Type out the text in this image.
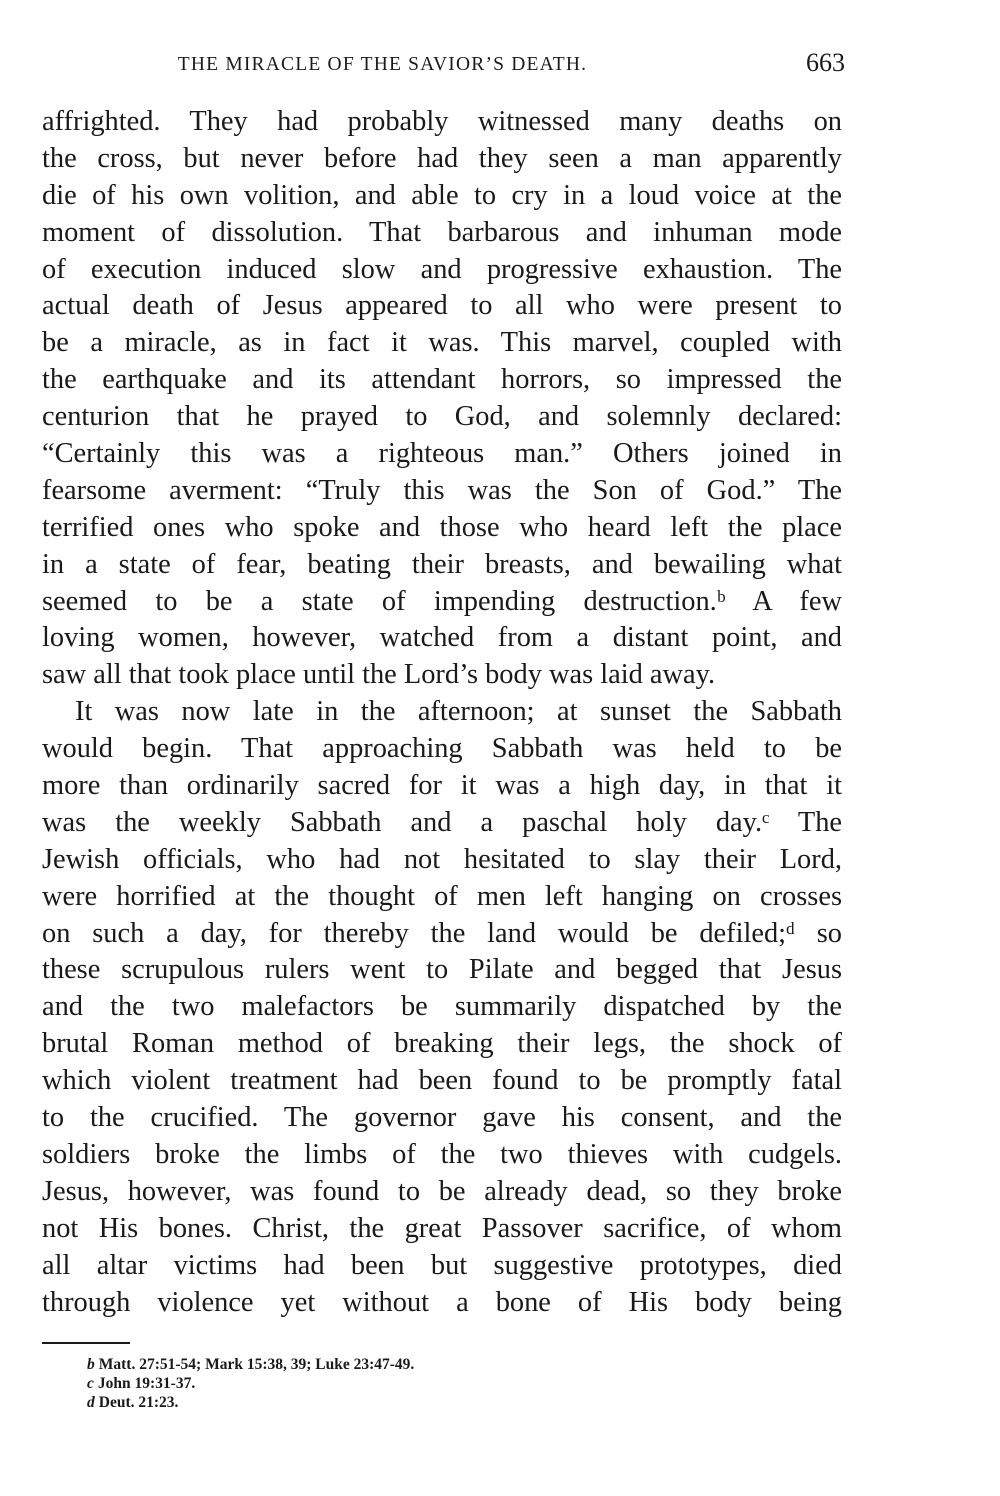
THE MIRACLE OF THE SAVIOR’S DEATH.	663
affrighted. They had probably witnessed many deaths on
the cross, but never before had they seen a man apparently
die of his own volition, and able to cry in a loud voice at the
moment of dissolution. That barbarous and inhuman mode
of execution induced slow and progressive exhaustion. The
actual death of Jesus appeared to all who were present to
be a miracle, as in fact it was. This marvel, coupled with
the earthquake and its attendant horrors, so impressed the
centurion that he prayed to God, and solemnly declared:
“Certainly this was a righteous man.” Others joined in
fearsome averment: “Truly this was the Son of God.” The
terrified ones who spoke and those who heard left the place
in a state of fear, beating their breasts, and bewailing what
seemed to be a state of impending destruction.ᵇ A few
loving women, however, watched from a distant point, and
saw all that took place until the Lord’s body was laid away.
It was now late in the afternoon; at sunset the Sabbath
would begin. That approaching Sabbath was held to be
more than ordinarily sacred for it was a high day, in that it
was the weekly Sabbath and a paschal holy day.ᶜ The
Jewish officials, who had not hesitated to slay their Lord,
were horrified at the thought of men left hanging on crosses
on such a day, for thereby the land would be defiled;ᵈ so
these scrupulous rulers went to Pilate and begged that Jesus
and the two malefactors be summarily dispatched by the
brutal Roman method of breaking their legs, the shock of
which violent treatment had been found to be promptly fatal
to the crucified. The governor gave his consent, and the
soldiers broke the limbs of the two thieves with cudgels.
Jesus, however, was found to be already dead, so they broke
not His bones. Christ, the great Passover sacrifice, of whom
all altar victims had been but suggestive prototypes, died
through violence yet without a bone of His body being
b Matt. 27:51-54; Mark 15:38, 39; Luke 23:47-49.
c John 19:31-37.
d Deut. 21:23.
